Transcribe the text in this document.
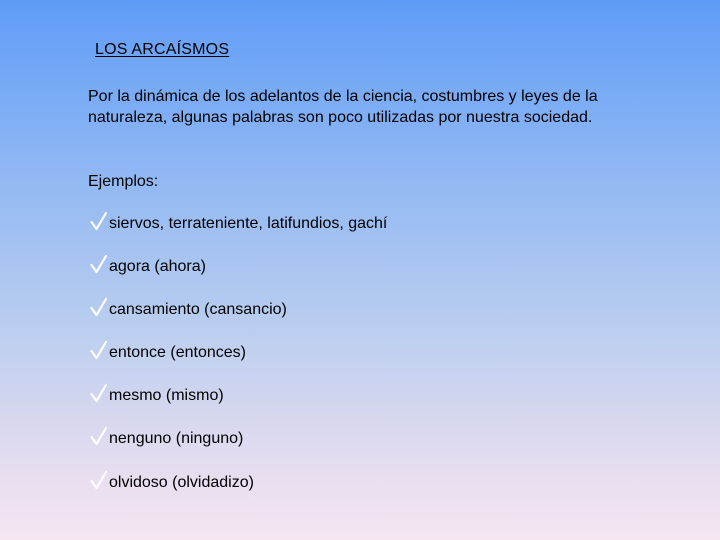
LOS ARCAÍSMOS
Por la dinámica de los adelantos de la ciencia, costumbres y leyes de la naturaleza, algunas palabras son poco utilizadas por nuestra sociedad.
Ejemplos:
siervos, terrateniente, latifundios, gachí
agora (ahora)
cansamiento (cansancio)
entonce (entonces)
mesmo (mismo)
nenguno (ninguno)
olvidoso (olvidadizo)
